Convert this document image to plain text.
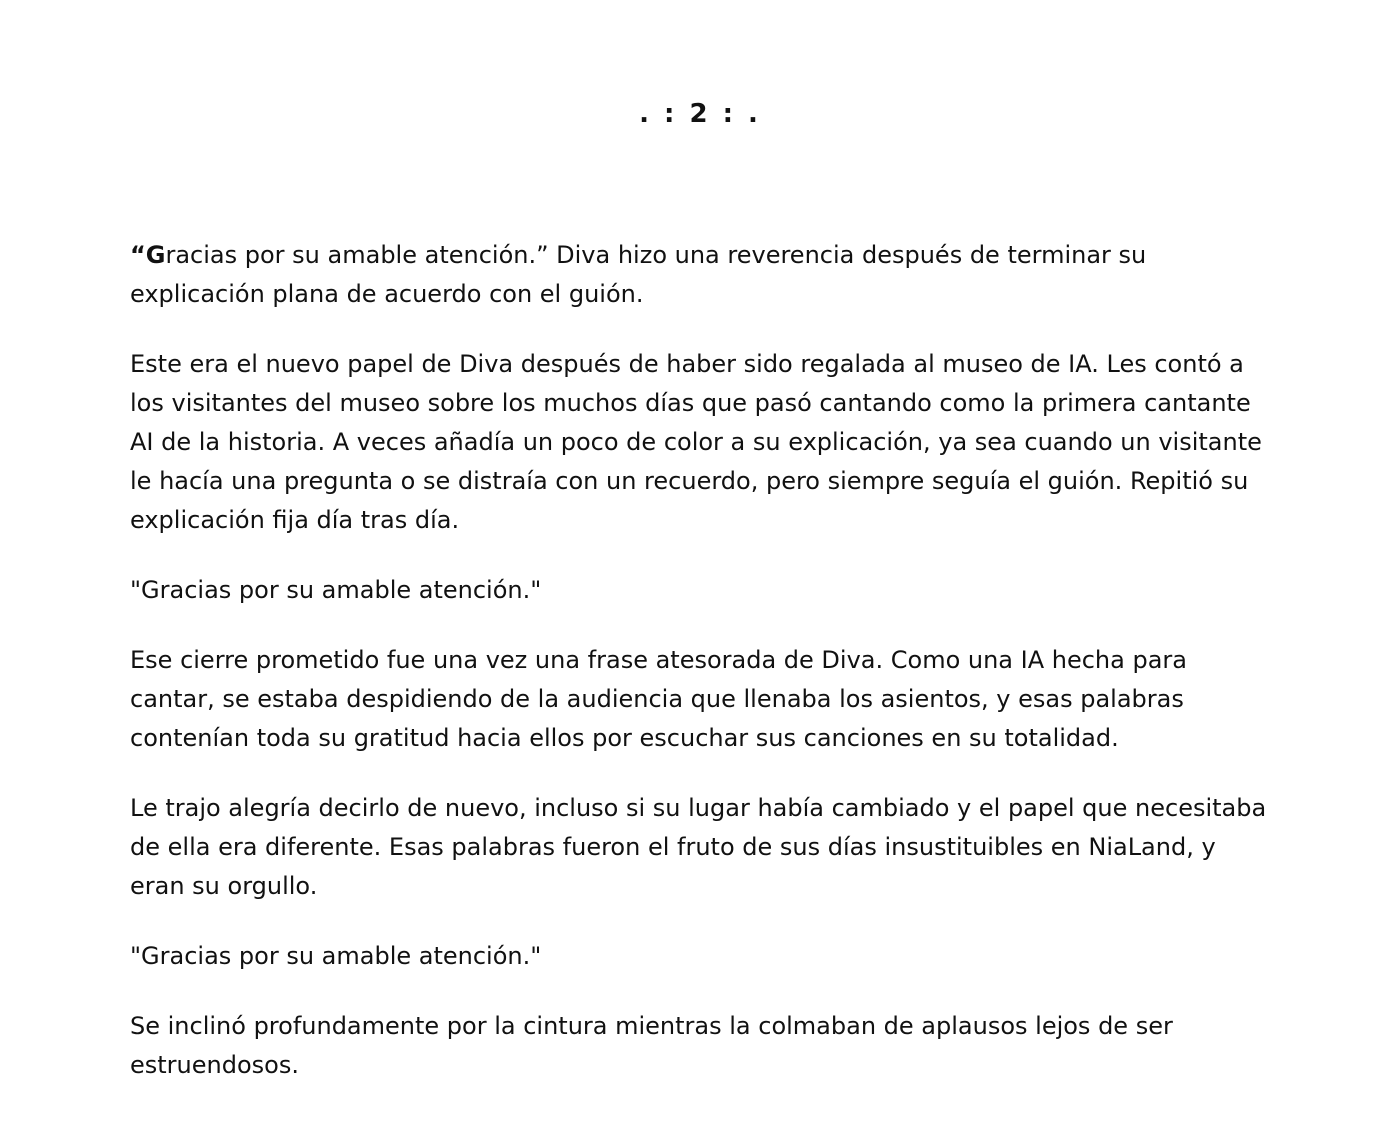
. : 2 : .

“Gracias por su amable atención.” Diva hizo una reverencia después de terminar su explicación plana de acuerdo con el guión.

Este era el nuevo papel de Diva después de haber sido regalada al museo de IA. Les contó a los visitantes del museo sobre los muchos días que pasó cantando como la primera cantante AI de la historia. A veces añadía un poco de color a su explicación, ya sea cuando un visitante le hacía una pregunta o se distraía con un recuerdo, pero siempre seguía el guión. Repitió su explicación fija día tras día.

"Gracias por su amable atención."

Ese cierre prometido fue una vez una frase atesorada de Diva. Como una IA hecha para cantar, se estaba despidiendo de la audiencia que llenaba los asientos, y esas palabras contenían toda su gratitud hacia ellos por escuchar sus canciones en su totalidad.

Le trajo alegría decirlo de nuevo, incluso si su lugar había cambiado y el papel que necesitaba de ella era diferente. Esas palabras fueron el fruto de sus días insustituibles en NiaLand, y eran su orgullo.

"Gracias por su amable atención."

Se inclinó profundamente por la cintura mientras la colmaban de aplausos lejos de ser estruendosos.
